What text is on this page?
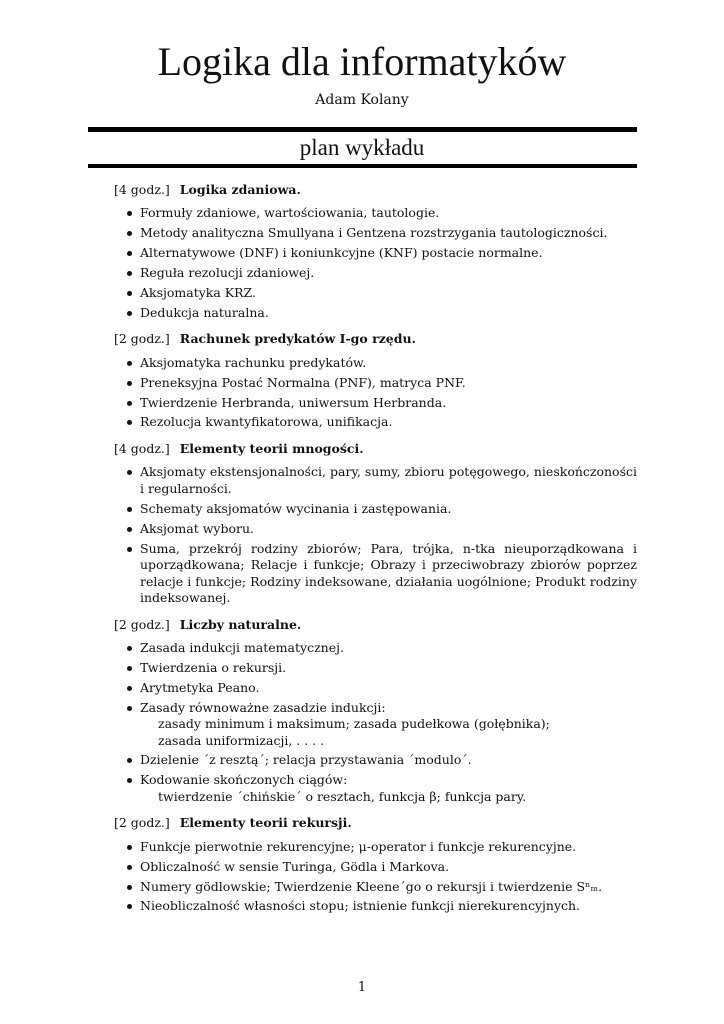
Logika dla informatyków
Adam Kolany
plan wykładu
[4 godz.] Logika zdaniowa.
Formuły zdaniowe, wartościowania, tautologie.
Metody analityczna Smullyana i Gentzena rozstrzygania tautologiczności.
Alternatywowe (DNF) i koniunkcyjne (KNF) postacie normalne.
Reguła rezolucji zdaniowej.
Aksjomatyka KRZ.
Dedukcja naturalna.
[2 godz.] Rachunek predykatów I-go rzędu.
Aksjomatyka rachunku predykatów.
Preneksyjna Postać Normalna (PNF), matryca PNF.
Twierdzenie Herbranda, uniwersum Herbranda.
Rezolucja kwantyfikatorowa, unifikacja.
[4 godz.] Elementy teorii mnogości.
Aksjomaty ekstensjonalności, pary, sumy, zbioru potęgowego, nieskończoności i regularności.
Schematy aksjomatów wycinania i zastępowania.
Aksjomat wyboru.
Suma, przekrój rodziny zbiorów; Para, trójka, n-tka nieuporządkowana i uporządkowana; Relacje i funkcje; Obrazy i przeciwobrazy zbiorów poprzez relacje i funkcje; Rodziny indeksowane, działania uogólnione; Produkt rodziny indeksowanej.
[2 godz.] Liczby naturalne.
Zasada indukcji matematycznej.
Twierdzenia o rekursji.
Arytmetyka Peano.
Zasady równoważne zasadzie indukcji:
zasady minimum i maksimum; zasada pudełkowa (gołębnika);
zasada uniformizacji, . . . .
Dzielenie ´z resztą´; relacja przystawania ´modulo´.
Kodowanie skończonych ciągów:
twierdzenie ´chińskie´ o resztach, funkcja β; funkcja pary.
[2 godz.] Elementy teorii rekursji.
Funkcje pierwotnie rekurencyjne; μ-operator i funkcje rekurencyjne.
Obliczalność w sensie Turinga, Gödla i Markova.
Numery gödlowskie; Twierdzenie Kleene´go o rekursji i twierdzenie Sⁿₘ.
Nieobliczalność własności stopu; istnienie funkcji nierekurencyjnych.
1
